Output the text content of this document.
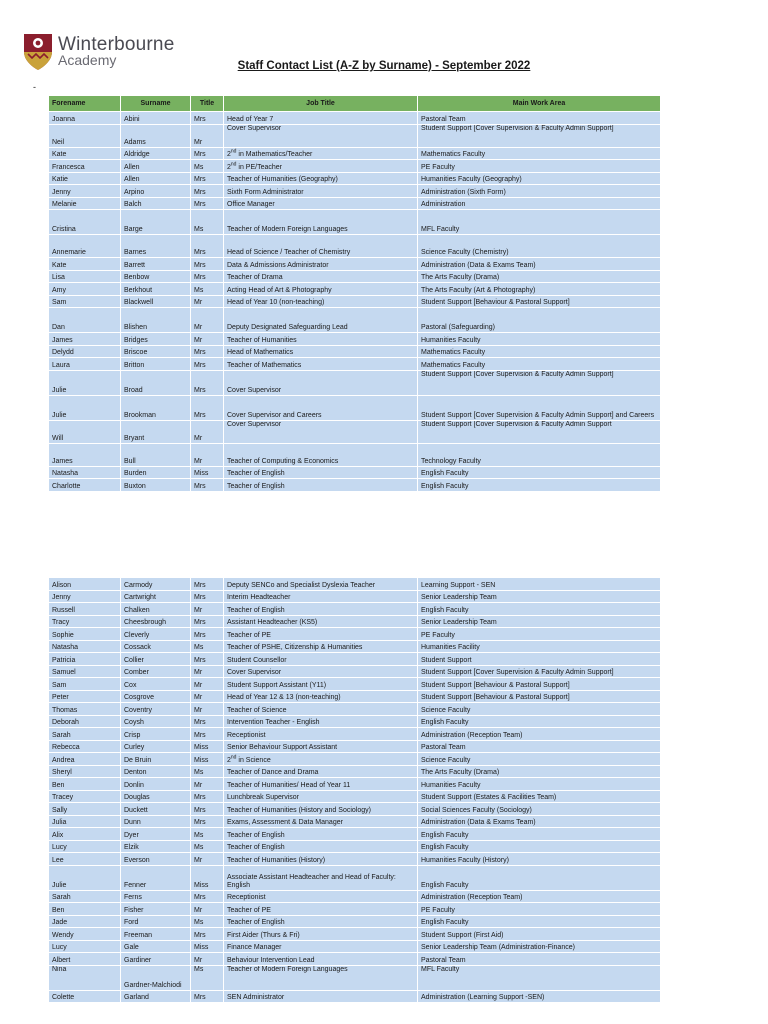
Winterbourne
Academy	Staff Contact List (A-Z by Surname) - September 2022
-
Forename	Surname	Title	Job Title	Main Work Area
Joanna	Abini	Mrs	Head of Year 7	Pastoral Team
Neil	Adams	Mr	Cover Supervisor	Student Support [Cover Supervision & Faculty Admin Support]
Kate	Aldridge	Mrs	2nd in Mathematics/Teacher	Mathematics Faculty
Francesca	Allen	Ms	2nd in PE/Teacher	PE Faculty
Katie	Allen	Mrs	Teacher of Humanities (Geography)	Humanities Faculty (Geography)
Jenny	Arpino	Mrs	Sixth Form Administrator	Administration (Sixth Form)
Melanie	Balch	Mrs	Office Manager	Administration
Cristina	Barge	Ms	Teacher of Modern Foreign Languages	MFL Faculty
Annemarie	Barnes	Mrs	Head of Science / Teacher of Chemistry	Science Faculty (Chemistry)
Kate	Barrett	Mrs	Data & Admissions Administrator	Administration (Data & Exams Team)
Lisa	Benbow	Mrs	Teacher of Drama	The Arts Faculty (Drama)
Amy	Berkhout	Ms	Acting Head of Art & Photography	The Arts Faculty (Art & Photography)
Sam	Blackwell	Mr	Head of Year 10 (non-teaching)	Student Support [Behaviour & Pastoral Support]
Dan	Blishen	Mr	Deputy Designated Safeguarding Lead	Pastoral (Safeguarding)
James	Bridges	Mr	Teacher of Humanities	Humanities Faculty
Delydd	Briscoe	Mrs	Head of Mathematics	Mathematics Faculty
Laura	Britton	Mrs	Teacher of Mathematics	Mathematics Faculty
Julie	Broad	Mrs	Cover Supervisor	Student Support [Cover Supervision & Faculty Admin Support]
Julie	Brookman	Mrs	Cover Supervisor and Careers	Student Support [Cover Supervision & Faculty Admin Support] and Careers
Will	Bryant	Mr	Cover Supervisor	Student Support [Cover Supervision & Faculty Admin Support
James	Bull	Mr	Teacher of Computing & Economics	Technology Faculty
Natasha	Burden	Miss	Teacher of English	English Faculty
Charlotte	Buxton	Mrs	Teacher of English	English Faculty
Alison	Carmody	Mrs	Deputy SENCo and Specialist Dyslexia Teacher	Learning Support - SEN
Jenny	Cartwright	Mrs	Interim Headteacher	Senior Leadership Team
Russell	Chalken	Mr	Teacher of English	English Faculty
Tracy	Cheesbrough	Mrs	Assistant Headteacher (KS5)	Senior Leadership Team
Sophie	Cleverly	Mrs	Teacher of PE	PE Faculty
Natasha	Cossack	Ms	Teacher of PSHE, Citizenship & Humanities	Humanities Facility
Patricia	Collier	Mrs	Student Counsellor	Student Support
Samuel	Comber	Mr	Cover Supervisor	Student Support [Cover Supervision & Faculty Admin Support]
Sam	Cox	Mr	Student Support Assistant (Y11)	Student Support [Behaviour & Pastoral Support]
Peter	Cosgrove	Mr	Head of Year 12 & 13 (non-teaching)	Student Support [Behaviour & Pastoral Support]
Thomas	Coventry	Mr	Teacher of Science	Science Faculty
Deborah	Coysh	Mrs	Intervention Teacher - English	English Faculty
Sarah	Crisp	Mrs	Receptionist	Administration (Reception Team)
Rebecca	Curley	Miss	Senior Behaviour Support Assistant	Pastoral Team
Andrea	De Bruin	Miss	2nd in Science	Science Faculty
Sheryl	Denton	Ms	Teacher of Dance and Drama	The Arts Faculty (Drama)
Ben	Donlin	Mr	Teacher of Humanities/ Head of Year 11	Humanities Faculty
Tracey	Douglas	Mrs	Lunchbreak Supervisor	Student Support (Estates & Facilities Team)
Sally	Duckett	Mrs	Teacher of Humanities (History and Sociology)	Social Sciences Faculty (Sociology)
Julia	Dunn	Mrs	Exams, Assessment & Data Manager	Administration (Data & Exams Team)
Alix	Dyer	Ms	Teacher of English	English Faculty
Lucy	Elzik	Ms	Teacher of English	English Faculty
Lee	Everson	Mr	Teacher of Humanities (History)	Humanities Faculty (History)
Julie	Fenner	Miss	Associate Assistant Headteacher and Head of Faculty: English	English Faculty
Sarah	Ferns	Mrs	Receptionist	Administration (Reception Team)
Ben	Fisher	Mr	Teacher of PE	PE Faculty
Jade	Ford	Ms	Teacher of English	English Faculty
Wendy	Freeman	Mrs	First Aider (Thurs & Fri)	Student Support (First Aid)
Lucy	Gale	Miss	Finance Manager	Senior Leadership Team (Administration-Finance)
Albert	Gardiner	Mr	Behaviour Intervention Lead	Pastoral Team
Nina	Gardner-Malchiodi	Ms	Teacher of Modern Foreign Languages	MFL Faculty
Colette	Garland	Mrs	SEN Administrator	Administration (Learning Support -SEN)
